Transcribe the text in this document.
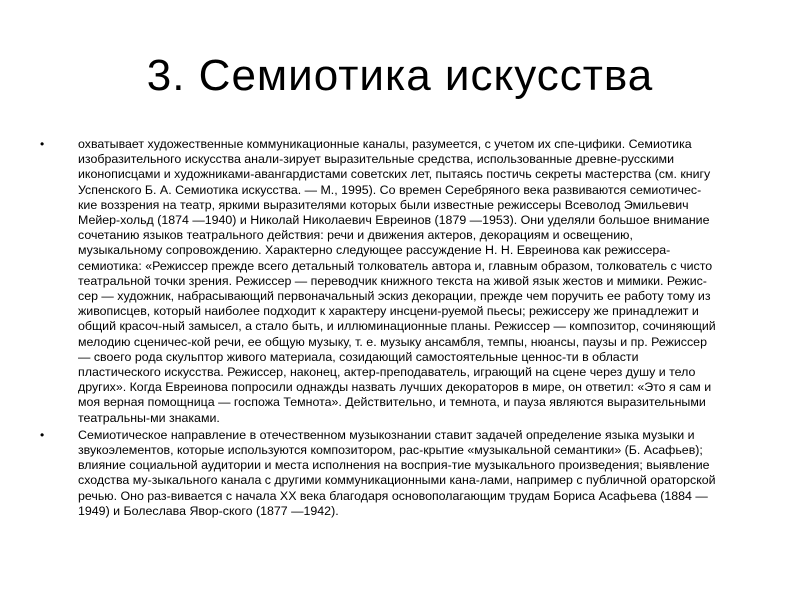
3. Семиотика искусства
•	охватывает художественные коммуникационные каналы, разумеется, с учетом их спе-цифики. Семиотика изобразительного искусства анали-зирует выразительные средства, использованные древне-русскими иконописцами и художниками-авангардистами советских лет, пытаясь постичь секреты мастерства (см. книгу Успенского Б. А. Семиотика искусства. — М., 1995). Со времен Серебряного века развиваются семиотичес-кие воззрения на театр, яркими выразителями которых были известные режиссеры Всеволод Эмильевич Мейер-хольд (1874 —1940) и Николай Николаевич Евреинов (1879 —1953). Они уделяли большое внимание сочетанию языков театрального действия: речи и движения актеров, декорациям и освещению, музыкальному сопровождению. Характерно следующее рассуждение Н. Н. Евреинова как режиссера-семиотика: «Режиссер прежде всего детальный толкователь автора и, главным образом, толкователь с чисто театральной точки зрения. Режиссер — переводчик книжного текста на живой язык жестов и мимики. Режис-сер — художник, набрасывающий первоначальный эскиз декорации, прежде чем поручить ее работу тому из живописцев, который наиболее подходит к характеру инсцени-руемой пьесы; режиссеру же принадлежит и общий красоч-ный замысел, а стало быть, и иллюминационные планы. Режиссер — композитор, сочиняющий мелодию сценичес-кой речи, ее общую музыку, т. е. музыку ансамбля, темпы, нюансы, паузы и пр. Режиссер — своего рода скульптор живого материала, созидающий самостоятельные ценнос-ти в области пластического искусства. Режиссер, наконец, актер-преподаватель, играющий на сцене через душу и тело других». Когда Евреинова попросили однажды назвать лучших декораторов в мире, он ответил: «Это я сам и моя верная помощница — госпожа Темнота». Действительно, и темнота, и пауза являются выразительными театральны-ми знаками.
•	Семиотическое направление в отечественном музыкознании ставит задачей определение языка музыки и звукоэлементов, которые используются композитором, рас-крытие «музыкальной семантики» (Б. Асафьев); влияние социальной аудитории и места исполнения на восприя-тие музыкального произведения; выявление сходства му-зыкального канала с другими коммуникационными кана-лами, например с публичной ораторской речью. Оно раз-вивается с начала XX века благодаря основополагающим трудам Бориса Асафьева (1884 —1949) и Болеслава Явор-ского (1877 —1942).
